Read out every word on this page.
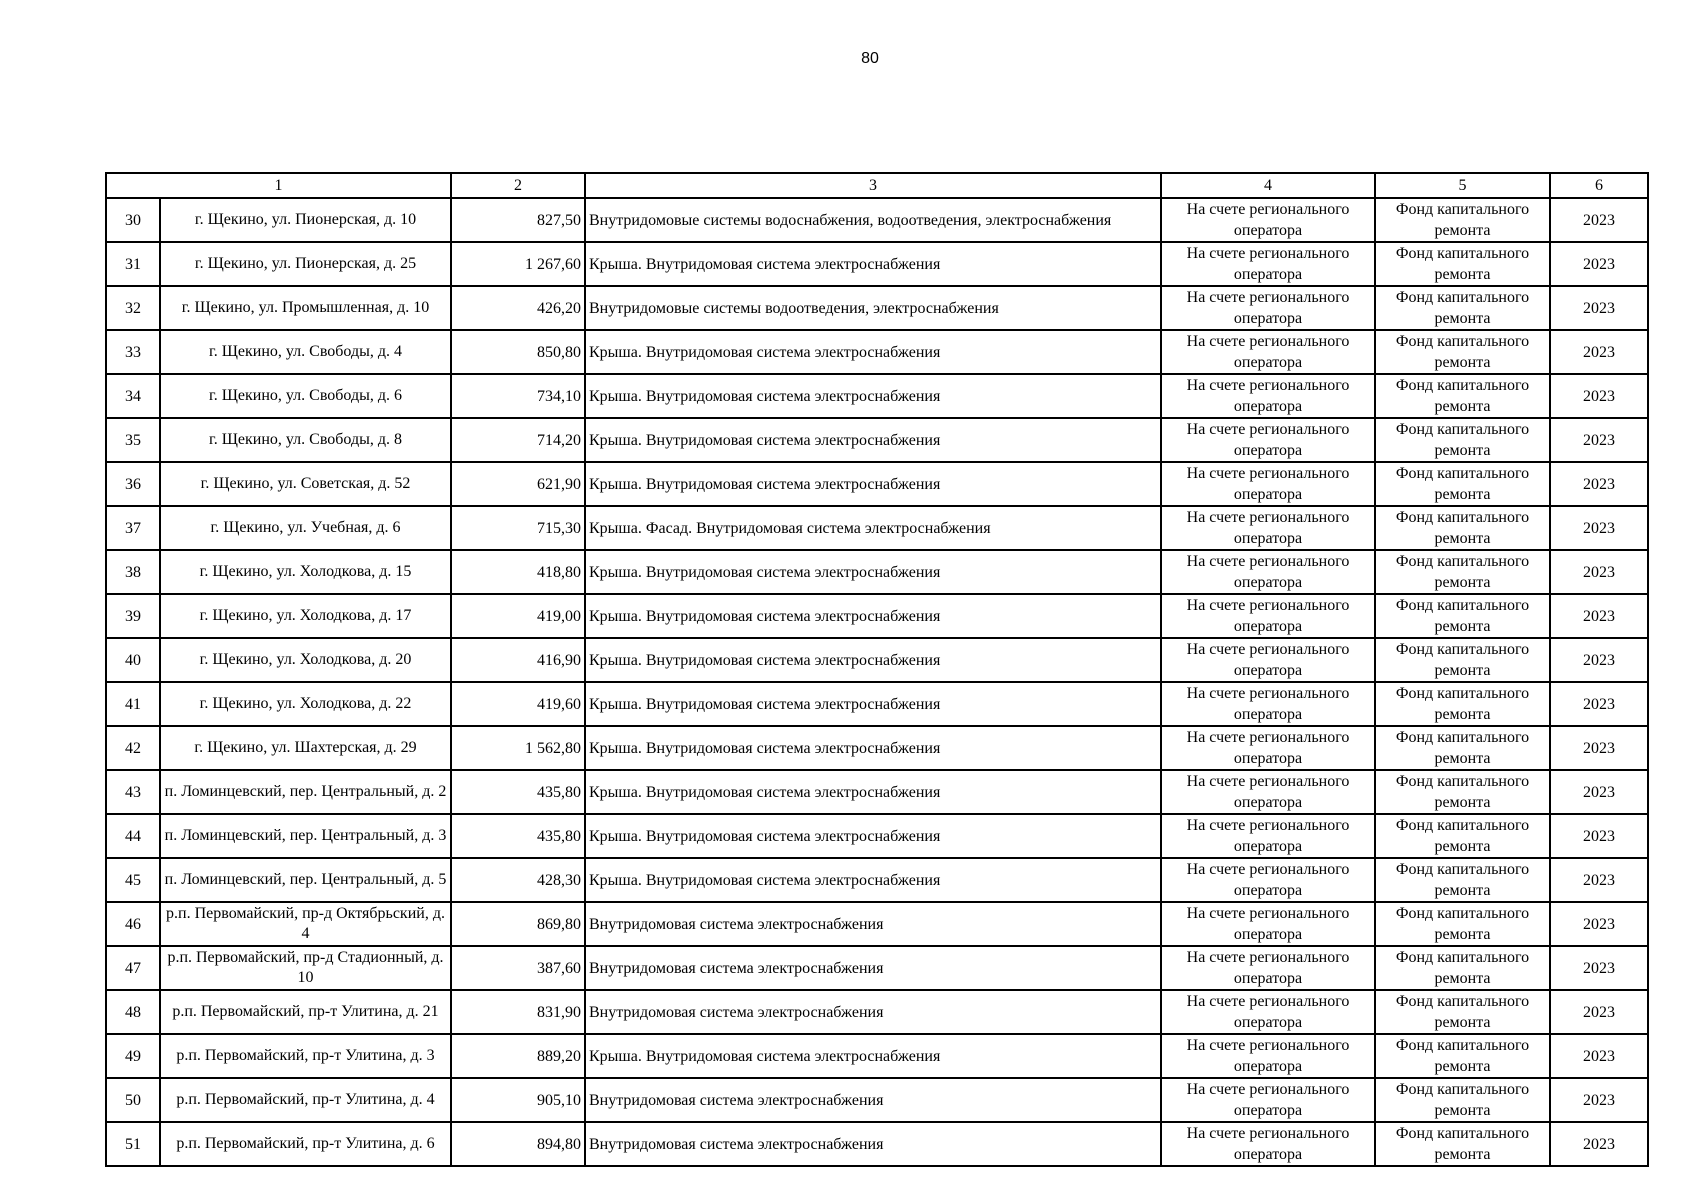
80
1		2	3	4	5	6
30	г. Щекино, ул. Пионерская, д. 10	827,50	Внутридомовые системы водоснабжения, водоотведения, электроснабжения	На счете регионального оператора	Фонд капитального ремонта	2023
31	г. Щекино, ул. Пионерская, д. 25	1 267,60	Крыша. Внутридомовая система электроснабжения	На счете регионального оператора	Фонд капитального ремонта	2023
32	г. Щекино, ул. Промышленная, д. 10	426,20	Внутридомовые системы водоотведения, электроснабжения	На счете регионального оператора	Фонд капитального ремонта	2023
33	г. Щекино, ул. Свободы, д. 4	850,80	Крыша. Внутридомовая система электроснабжения	На счете регионального оператора	Фонд капитального ремонта	2023
34	г. Щекино, ул. Свободы, д. 6	734,10	Крыша. Внутридомовая система электроснабжения	На счете регионального оператора	Фонд капитального ремонта	2023
35	г. Щекино, ул. Свободы, д. 8	714,20	Крыша. Внутридомовая система электроснабжения	На счете регионального оператора	Фонд капитального ремонта	2023
36	г. Щекино, ул. Советская, д. 52	621,90	Крыша. Внутридомовая система электроснабжения	На счете регионального оператора	Фонд капитального ремонта	2023
37	г. Щекино, ул. Учебная, д. 6	715,30	Крыша. Фасад. Внутридомовая система электроснабжения	На счете регионального оператора	Фонд капитального ремонта	2023
38	г. Щекино, ул. Холодкова, д. 15	418,80	Крыша. Внутридомовая система электроснабжения	На счете регионального оператора	Фонд капитального ремонта	2023
39	г. Щекино, ул. Холодкова, д. 17	419,00	Крыша. Внутридомовая система электроснабжения	На счете регионального оператора	Фонд капитального ремонта	2023
40	г. Щекино, ул. Холодкова, д. 20	416,90	Крыша. Внутридомовая система электроснабжения	На счете регионального оператора	Фонд капитального ремонта	2023
41	г. Щекино, ул. Холодкова, д. 22	419,60	Крыша. Внутридомовая система электроснабжения	На счете регионального оператора	Фонд капитального ремонта	2023
42	г. Щекино, ул. Шахтерская, д. 29	1 562,80	Крыша. Внутридомовая система электроснабжения	На счете регионального оператора	Фонд капитального ремонта	2023
43	п. Ломинцевский, пер. Центральный, д. 2	435,80	Крыша. Внутридомовая система электроснабжения	На счете регионального оператора	Фонд капитального ремонта	2023
44	п. Ломинцевский, пер. Центральный, д. 3	435,80	Крыша. Внутридомовая система электроснабжения	На счете регионального оператора	Фонд капитального ремонта	2023
45	п. Ломинцевский, пер. Центральный, д. 5	428,30	Крыша. Внутридомовая система электроснабжения	На счете регионального оператора	Фонд капитального ремонта	2023
46	р.п. Первомайский, пр-д Октябрьский, д. 4	869,80	Внутридомовая система электроснабжения	На счете регионального оператора	Фонд капитального ремонта	2023
47	р.п. Первомайский, пр-д Стадионный, д. 10	387,60	Внутридомовая система электроснабжения	На счете регионального оператора	Фонд капитального ремонта	2023
48	р.п. Первомайский, пр-т Улитина, д. 21	831,90	Внутридомовая система электроснабжения	На счете регионального оператора	Фонд капитального ремонта	2023
49	р.п. Первомайский, пр-т Улитина, д. 3	889,20	Крыша. Внутридомовая система электроснабжения	На счете регионального оператора	Фонд капитального ремонта	2023
50	р.п. Первомайский, пр-т Улитина, д. 4	905,10	Внутридомовая система электроснабжения	На счете регионального оператора	Фонд капитального ремонта	2023
51	р.п. Первомайский, пр-т Улитина, д. 6	894,80	Внутридомовая система электроснабжения	На счете регионального оператора	Фонд капитального ремонта	2023
